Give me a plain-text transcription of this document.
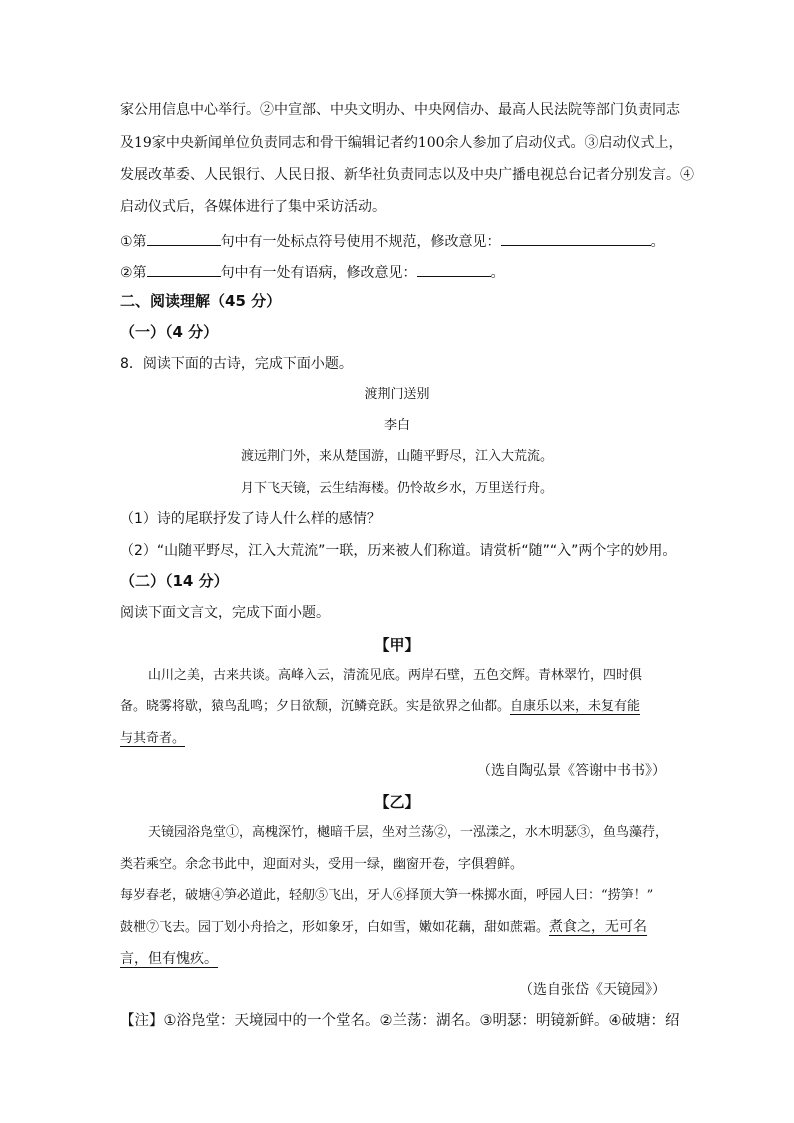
家公用信息中心举行。②中宣部、中央文明办、中央网信办、最高人民法院等部门负责同志
及19家中央新闻单位负责同志和骨干编辑记者约100余人参加了启动仪式。③启动仪式上，
发展改革委、人民银行、人民日报、新华社负责同志以及中央广播电视总台记者分别发言。④
启动仪式后，各媒体进行了集中采访活动。
①第	句中有一处标点符号使用不规范，修改意见：	。
②第	句中有一处有语病，修改意见：	。
二、阅读理解（45 分）
（一）（4 分）
8．阅读下面的古诗，完成下面小题。
渡荆门送别
李白
渡远荆门外，来从楚国游，山随平野尽，江入大荒流。
月下飞天镜，云生结海楼。仍怜故乡水，万里送行舟。
（1）诗的尾联抒发了诗人什么样的感情？
（2）“山随平野尽，江入大荒流”一联，历来被人们称道。请赏析“随”“入”两个字的妙用。
（二）（14 分）
阅读下面文言文，完成下面小题。
【甲】
山川之美，古来共谈。高峰入云，清流见底。两岸石壁，五色交辉。青林翠竹，四时俱
备。晓雾将歇，猿鸟乱鸣；夕日欲颓，沉鳞竞跃。实是欲界之仙都。自康乐以来，未复有能
与其奇者。
（选自陶弘景《答谢中书书》）
【乙】
天镜园浴凫堂①，高槐深竹，樾暗千层，坐对兰荡②，一泓漾之，水木明瑟③，鱼鸟藻荇，
类若乘空。余念书此中，迎面对头，受用一绿，幽窗开卷，字俱碧鲜。
每岁春老，破塘④笋必道此，轻舠⑤飞出，牙人⑥择顶大笋一株掷水面，呼园人曰：“捞笋！”
鼓枻⑦飞去。园丁划小舟拾之，形如象牙，白如雪，嫩如花藕，甜如蔗霜。煮食之，无可名
言，但有愧疚。
（选自张岱《天镜园》）
【注】①浴凫堂：天境园中的一个堂名。②兰荡：湖名。③明瑟：明镜新鲜。④破塘：绍
